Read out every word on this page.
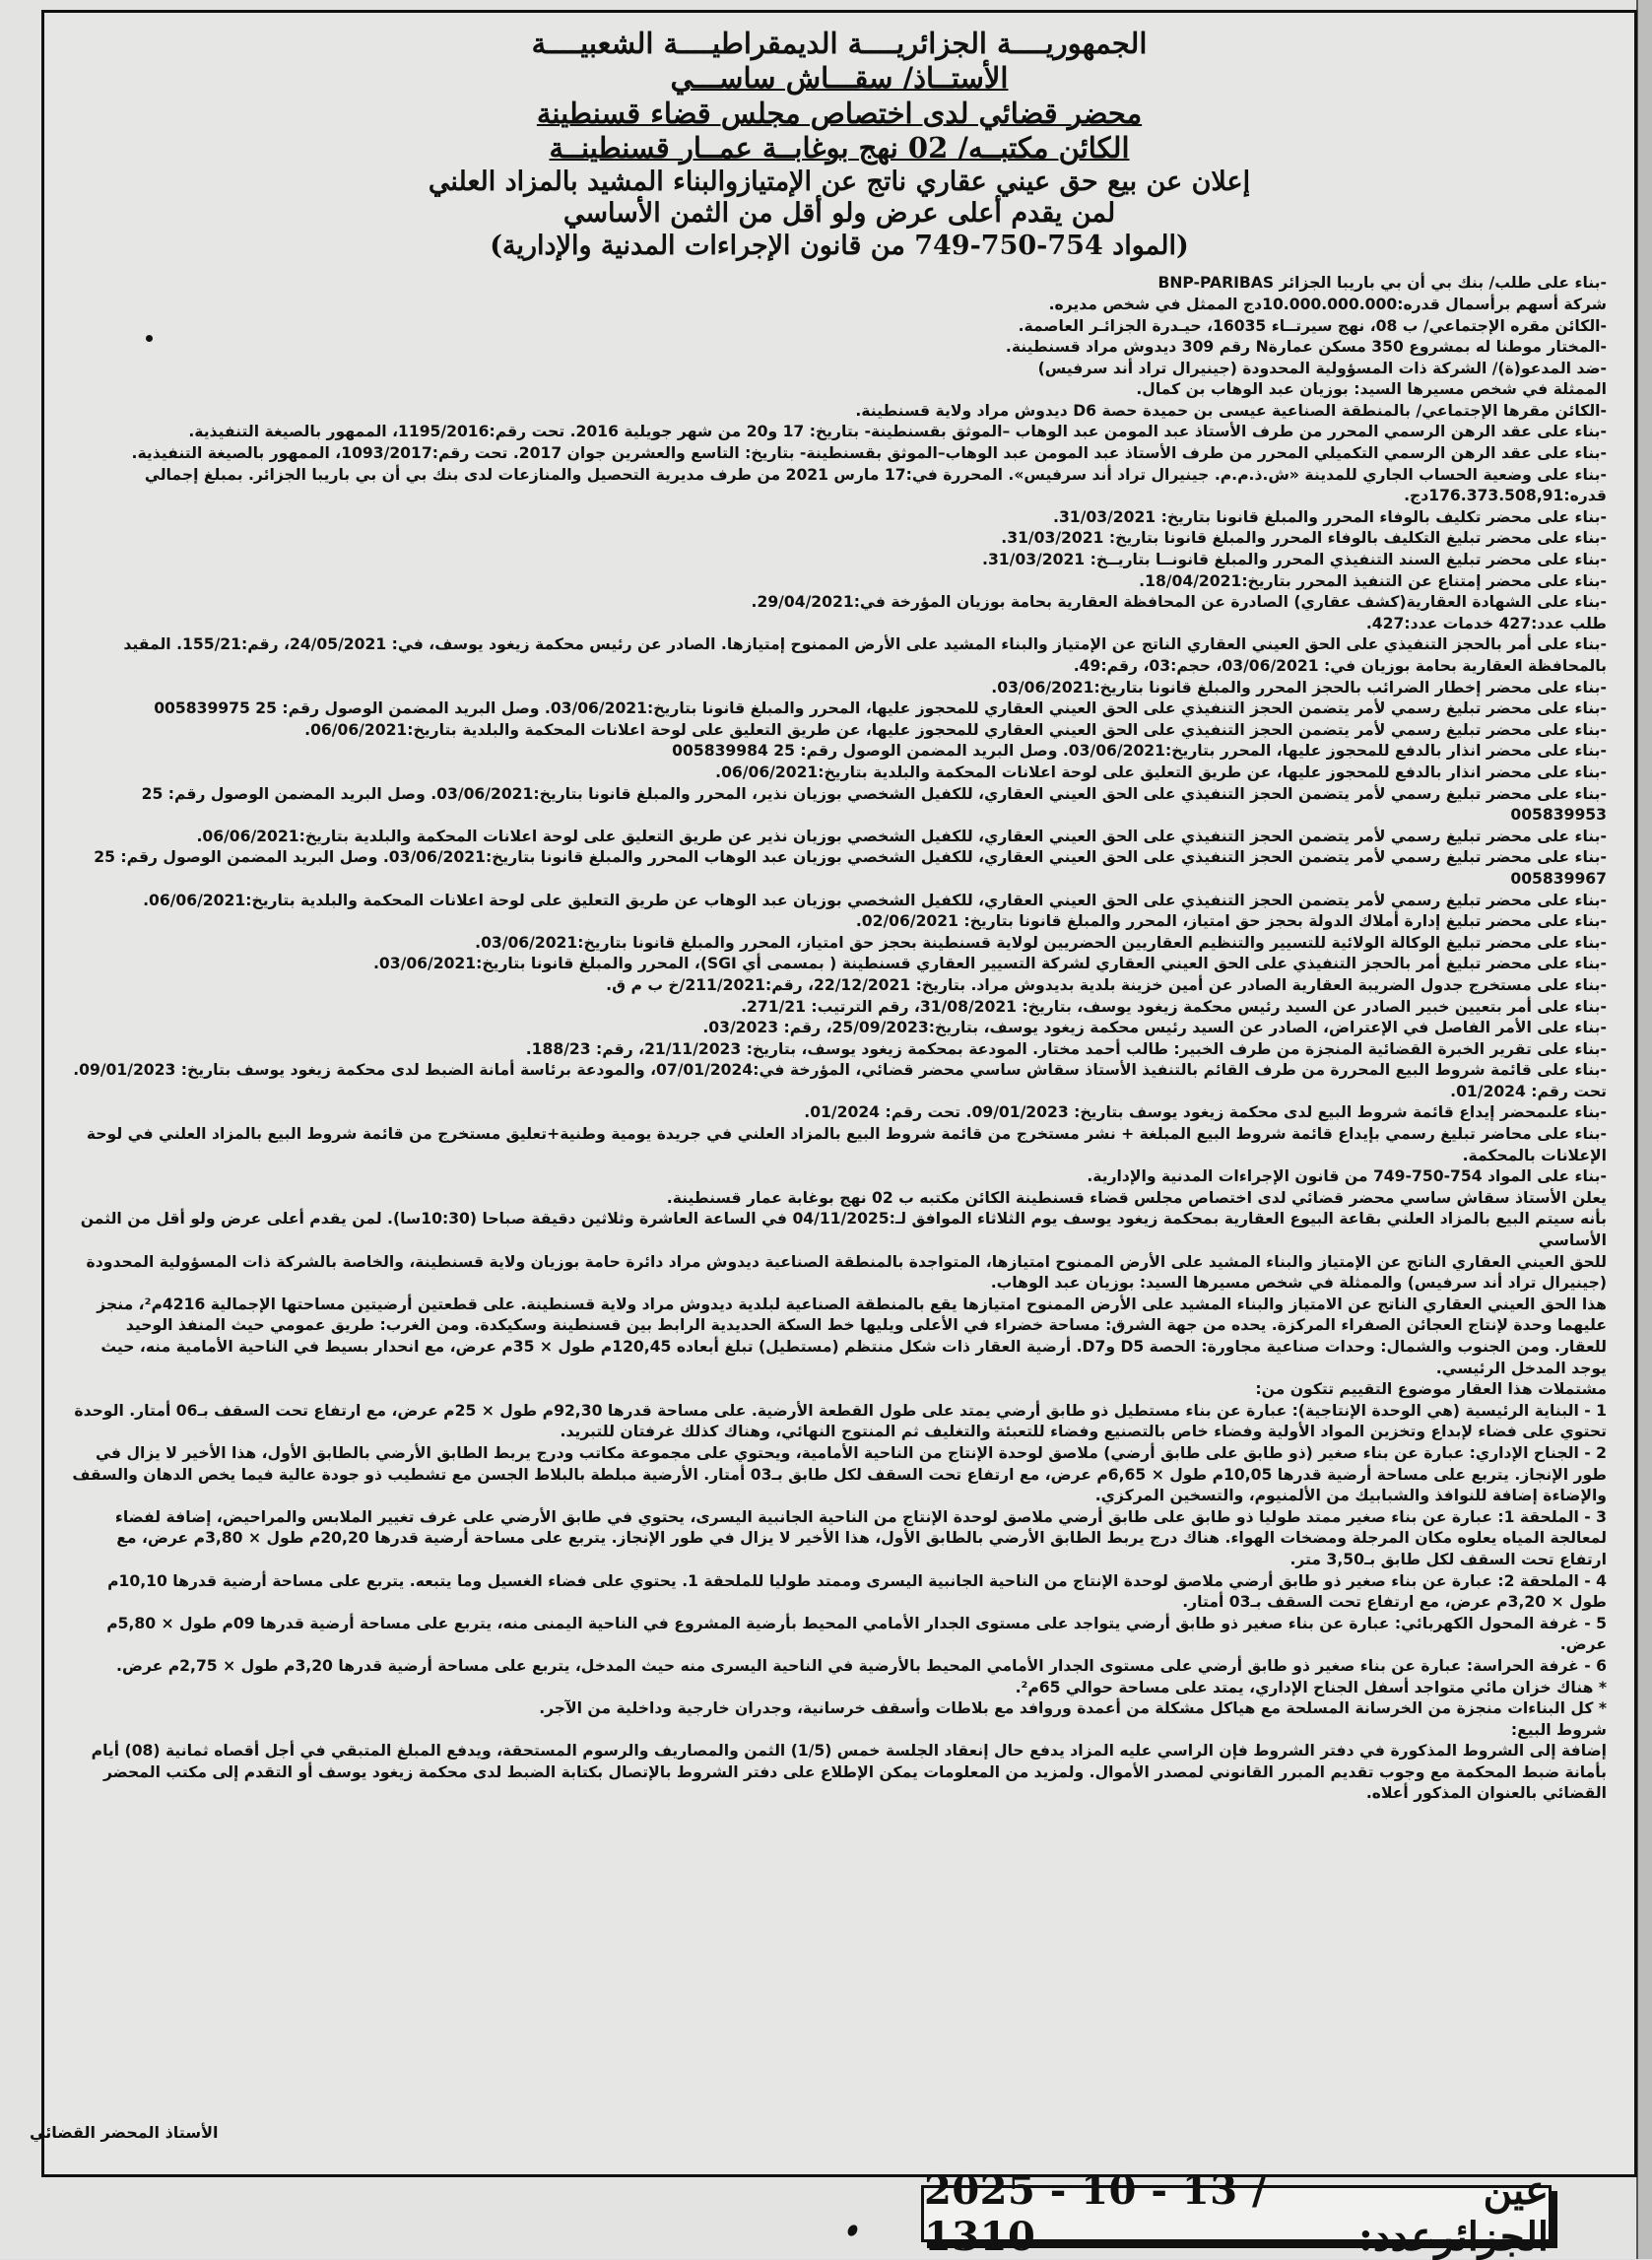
الجمهوريــــة الجزائريــــة الديمقراطيــــة الشعبيــــة

الأستــاذ/ سقـــاش ساســـي

محضر قضائي لدى اختصاص مجلس قضاء قسنطينة

الكائن مكتبــه/ 02 نهج بوغابــة عمــار قسنطينــة

إعلان عن بيع حق عيني عقاري ناتج عن الإمتيازوالبناء المشيد بالمزاد العلني

لمن يقدم أعلى عرض ولو أقل من الثمن الأساسي

(المواد 754-750-749 من قانون الإجراءات المدنية والإدارية)

-بناء على طلب/ بنك بي أن بي باريبا الجزائر BNP-PARIBAS

شركة أسهم برأسمال قدره:10.000.000.000دج الممثل في شخص مديره.

-الكائن مقره الإجتماعي/ ب 08، نهج سيرتــاء 16035، حيـدرة الجزائـر العاصمة.

-المختار موطنا له بمشروع 350 مسكن عمارةN رقم 309 ديدوش مراد قسنطينة.

-ضد المدعو(ة)/ الشركة ذات المسؤولية المحدودة (جينيرال تراد أند سرفيس)

الممثلة في شخص مسيرها السيد: بوزيان عبد الوهاب بن كمال.

-الكائن مقرها الإجتماعي/ بالمنطقة الصناعية عيسى بن حميدة حصة D6 ديدوش مراد ولاية قسنطينة.

-بناء على عقد الرهن الرسمي المحرر من طرف الأستاذ عبد المومن عبد الوهاب –الموثق بقسنطينة- بتاريخ: 17 و20 من شهر جويلية 2016. تحت رقم:1195/2016، الممهور بالصيغة التنفيذية.

-بناء على عقد الرهن الرسمي التكميلي المحرر من طرف الأستاذ عبد المومن عبد الوهاب–الموثق بقسنطينة- بتاريخ: التاسع والعشرين جوان 2017. تحت رقم:1093/2017، الممهور بالصيغة التنفيذية.

-بناء على وضعية الحساب الجاري للمدينة «ش.ذ.م.م. جينيرال تراد أند سرفيس». المحررة في:17 مارس 2021 من طرف مديرية التحصيل والمنازعات لدى بنك بي أن بي باريبا الجزائر. بمبلغ إجمالي قدره:176.373.508,91دج.

-بناء على محضر تكليف بالوفاء المحرر والمبلغ قانونا بتاريخ: 31/03/2021.

-بناء على محضر تبليغ التكليف بالوفاء المحرر والمبلغ قانونا بتاريخ: 31/03/2021.

-بناء على محضر تبليغ السند التنفيذي المحرر والمبلغ قانونــا بتاريــخ: 31/03/2021.

-بناء على محضر إمتناع عن التنفيذ المحرر بتاريخ:18/04/2021.

-بناء على الشهادة العقارية(كشف عقاري) الصادرة عن المحافظة العقارية بحامة بوزيان المؤرخة في:29/04/2021.

طلب عدد:427 خدمات عدد:427.

-بناء على أمر بالحجز التنفيذي على الحق العيني العقاري الناتج عن الإمتياز والبناء المشيد على الأرض الممنوح إمتيازها. الصادر عن رئيس محكمة زيغود يوسف، في: 24/05/2021، رقم:155/21. المقيد بالمحافظة العقارية بحامة بوزيان في: 03/06/2021، حجم:03، رقم:49.

-بناء على محضر إخطار الضرائب بالحجز المحرر والمبلغ قانونا بتاريخ:03/06/2021.

-بناء على محضر تبليغ رسمي لأمر يتضمن الحجز التنفيذي على الحق العيني العقاري للمحجوز عليها، المحرر والمبلغ قانونا بتاريخ:03/06/2021. وصل البريد المضمن الوصول رقم: 25 005839975

-بناء على محضر تبليغ رسمي لأمر يتضمن الحجز التنفيذي على الحق العيني العقاري للمحجوز عليها، عن طريق التعليق على لوحة اعلانات المحكمة والبلدية بتاريخ:06/06/2021.

-بناء على محضر انذار بالدفع للمحجوز عليها، المحرر بتاريخ:03/06/2021. وصل البريد المضمن الوصول رقم: 25 005839984

-بناء على محضر انذار بالدفع للمحجوز عليها، عن طريق التعليق على لوحة اعلانات المحكمة والبلدية بتاريخ:06/06/2021.

-بناء على محضر تبليغ رسمي لأمر يتضمن الحجز التنفيذي على الحق العيني العقاري، للكفيل الشخصي بوزيان نذير، المحرر والمبلغ قانونا بتاريخ:03/06/2021. وصل البريد المضمن الوصول رقم: 25 005839953

-بناء على محضر تبليغ رسمي لأمر يتضمن الحجز التنفيذي على الحق العيني العقاري، للكفيل الشخصي بوزيان نذير عن طريق التعليق على لوحة اعلانات المحكمة والبلدية بتاريخ:06/06/2021.

-بناء على محضر تبليغ رسمي لأمر يتضمن الحجز التنفيذي على الحق العيني العقاري، للكفيل الشخصي بوزيان عبد الوهاب المحرر والمبلغ قانونا بتاريخ:03/06/2021. وصل البريد المضمن الوصول رقم: 25 005839967

-بناء على محضر تبليغ رسمي لأمر يتضمن الحجز التنفيذي على الحق العيني العقاري، للكفيل الشخصي بوزيان عبد الوهاب عن طريق التعليق على لوحة اعلانات المحكمة والبلدية بتاريخ:06/06/2021.

-بناء على محضر تبليغ إدارة أملاك الدولة بحجز حق امتياز، المحرر والمبلغ قانونا بتاريخ: 02/06/2021.

-بناء على محضر تبليغ الوكالة الولائية للتسيير والتنظيم العقاريين الحضريين لولاية قسنطينة بحجز حق امتياز، المحرر والمبلغ قانونا بتاريخ:03/06/2021.

-بناء على محضر تبليغ أمر بالحجز التنفيذي على الحق العيني العقاري لشركة التسيير العقاري قسنطينة ( بمسمى أي SGI)، المحرر والمبلغ قانونا بتاريخ:03/06/2021.

-بناء على مستخرج جدول الضريبة العقارية الصادر عن أمين خزينة بلدية بديدوش مراد. بتاريخ: 22/12/2021، رقم:211/2021/خ ب م ق.

-بناء على أمر بتعيين خبير الصادر عن السيد رئيس محكمة زيغود يوسف، بتاريخ: 31/08/2021، رقم الترتيب: 271/21.

-بناء على الأمر الفاصل في الإعتراض، الصادر عن السيد رئيس محكمة زيغود يوسف، بتاريخ:25/09/2023، رقم: 03/2023.

-بناء على تقرير الخبرة القضائية المنجزة من طرف الخبير: طالب أحمد مختار. المودعة بمحكمة زيغود يوسف، بتاريخ: 21/11/2023، رقم: 188/23.

-بناء على قائمة شروط البيع المحررة من طرف القائم بالتنفيذ الأستاذ سقاش ساسي محضر قضائي، المؤرخة في:07/01/2024، والمودعة برئاسة أمانة الضبط لدى محكمة زيغود يوسف بتاريخ: 09/01/2023. تحت رقم: 01/2024.

-بناء علىمحضر إيداع قائمة شروط البيع لدى محكمة زيغود يوسف بتاريخ: 09/01/2023. تحت رقم: 01/2024.

-بناء على محاضر تبليغ رسمي بإيداع قائمة شروط البيع المبلغة + نشر مستخرج من قائمة شروط البيع بالمزاد العلني في جريدة يومية وطنية+تعليق مستخرج من قائمة شروط البيع بالمزاد العلني في لوحة الإعلانات بالمحكمة.

-بناء على المواد 754-750-749 من قانون الإجراءات المدنية والإدارية.

يعلن الأستاذ سقاش ساسي محضر قضائي لدى اختصاص مجلس قضاء قسنطينة الكائن مكتبه ب 02 نهج بوغابة عمار قسنطينة.

بأنه سيتم البيع بالمزاد العلني بقاعة البيوع العقارية بمحكمة زيغود يوسف يوم الثلاثاء الموافق لـ:04/11/2025 في الساعة العاشرة وثلاثين دقيقة صباحا (10:30سا). لمن يقدم أعلى عرض ولو أقل من الثمن الأساسي

للحق العيني العقاري الناتج عن الإمتياز والبناء المشيد على الأرض الممنوح امتيازها، المتواجدة بالمنطقة الصناعية ديدوش مراد دائرة حامة بوزيان ولاية قسنطينة، والخاصة بالشركة ذات المسؤولية المحدودة (جينيرال تراد أند سرفيس) والممثلة في شخص مسيرها السيد: بوزيان عبد الوهاب.

هذا الحق العيني العقاري الناتج عن الامتياز والبناء المشيد على الأرض الممنوح امتيازها يقع بالمنطقة الصناعية لبلدية ديدوش مراد ولاية قسنطينة. على قطعتين أرضيتين مساحتها الإجمالية 4216م²، منجز عليهما وحدة لإنتاج العجائن الصفراء المركزة. يحده من جهة الشرق: مساحة خضراء في الأعلى ويليها خط السكة الحديدية الرابط بين قسنطينة وسكيكدة. ومن الغرب: طريق عمومي حيث المنفذ الوحيد للعقار. ومن الجنوب والشمال: وحدات صناعية مجاورة: الحصة D5 وD7. أرضية العقار ذات شكل منتظم (مستطيل) تبلغ أبعاده 120,45م طول × 35م عرض، مع انحدار بسيط في الناحية الأمامية منه، حيث يوجد المدخل الرئيسي.

مشتملات هذا العقار موضوع التقييم تتكون من:

1 - البناية الرئيسية (هي الوحدة الإنتاجية): عبارة عن بناء مستطيل ذو طابق أرضي يمتد على طول القطعة الأرضية. على مساحة قدرها 92,30م طول × 25م عرض، مع ارتفاع تحت السقف بـ06 أمتار. الوحدة تحتوي على فضاء لإبداع وتخزين المواد الأولية وفضاء خاص بالتصنيع وفضاء للتعبئة والتغليف ثم المنتوج النهائي، وهناك كذلك غرفتان للتبريد.

2 - الجناح الإداري: عبارة عن بناء صغير (ذو طابق على طابق أرضي) ملاصق لوحدة الإنتاج من الناحية الأمامية، ويحتوي على مجموعة مكاتب ودرج يربط الطابق الأرضي بالطابق الأول، هذا الأخير لا يزال في طور الإنجاز. يتربع على مساحة أرضية قدرها 10,05م طول × 6,65م عرض، مع ارتفاع تحت السقف لكل طابق بـ03 أمتار. الأرضية مبلطة بالبلاط الجسن مع تشطيب ذو جودة عالية فيما يخص الدهان والسقف والإضاءة إضافة للنوافذ والشبابيك من الألمنيوم، والتسخين المركزي.

3 - الملحقة 1: عبارة عن بناء صغير ممتد طوليا ذو طابق على طابق أرضي ملاصق لوحدة الإنتاج من الناحية الجانبية اليسرى، يحتوي في طابق الأرضي على غرف تغيير الملابس والمراحيض، إضافة لفضاء لمعالجة المياه يعلوه مكان المرجلة ومضخات الهواء. هناك درج يربط الطابق الأرضي بالطابق الأول، هذا الأخير لا يزال في طور الإنجاز. يتربع على مساحة أرضية قدرها 20,20م طول × 3,80م عرض، مع ارتفاع تحت السقف لكل طابق بـ3,50 متر.

4 - الملحقة 2: عبارة عن بناء صغير ذو طابق أرضي ملاصق لوحدة الإنتاج من الناحية الجانبية اليسرى وممتد طوليا للملحقة 1. يحتوي على فضاء الغسيل وما يتبعه. يتربع على مساحة أرضية قدرها 10,10م طول × 3,20م عرض، مع ارتفاع تحت السقف بـ03 أمتار.

5 - غرفة المحول الكهربائي: عبارة عن بناء صغير ذو طابق أرضي يتواجد على مستوى الجدار الأمامي المحيط بأرضية المشروع في الناحية اليمنى منه، يتربع على مساحة أرضية قدرها 09م طول × 5,80م عرض.

6 - غرفة الحراسة: عبارة عن بناء صغير ذو طابق أرضي على مستوى الجدار الأمامي المحيط بالأرضية في الناحية اليسرى منه حيث المدخل، يتربع على مساحة أرضية قدرها 3,20م طول × 2,75م عرض.

* هناك خزان مائي متواجد أسفل الجناح الإداري، يمتد على مساحة حوالي 65م².

* كل البناءات منجزة من الخرسانة المسلحة مع هياكل مشكلة من أعمدة وروافد مع بلاطات وأسقف خرسانية، وجدران خارجية وداخلية من الآجر.

شروط البيع:

إضافة إلى الشروط المذكورة في دفتر الشروط فإن الراسي عليه المزاد يدفع حال إنعقاد الجلسة خمس (1/5) الثمن والمصاريف والرسوم المستحقة، ويدفع المبلغ المتبقي في أجل أقصاه ثمانية (08) أيام بأمانة ضبط المحكمة مع وجوب تقديم المبرر القانوني لمصدر الأموال. ولمزيد من المعلومات يمكن الإطلاع على دفتر الشروط بالإتصال بكتابة الضبط لدى محكمة زيغود يوسف أو التقدم إلى مكتب المحضر القضائي بالعنوان المذكور أعلاه.

الأستاذ المحضر القضائي
عين الجزائرعدد:
2025 - 10 - 13 / 1310
